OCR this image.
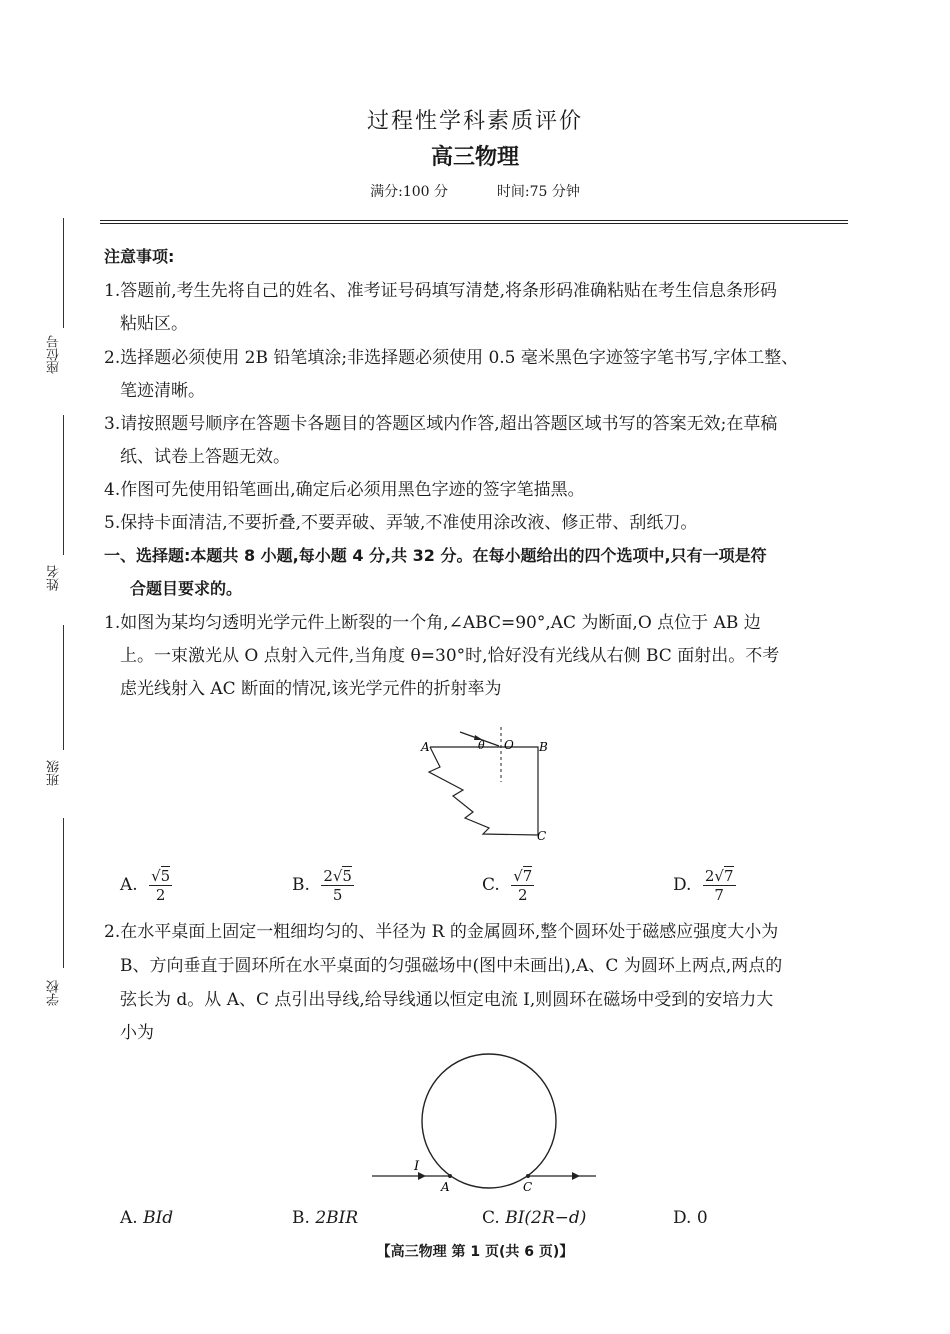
过程性学科素质评价
高三物理
满分:100 分	时间:75 分钟
座位号
姓名
班级
学校
注意事项:
1.答题前,考生先将自己的姓名、准考证号码填写清楚,将条形码准确粘贴在考生信息条形码
粘贴区。
2.选择题必须使用 2B 铅笔填涂;非选择题必须使用 0.5 毫米黑色字迹签字笔书写,字体工整、
笔迹清晰。
3.请按照题号顺序在答题卡各题目的答题区域内作答,超出答题区域书写的答案无效;在草稿
纸、试卷上答题无效。
4.作图可先使用铅笔画出,确定后必须用黑色字迹的签字笔描黑。
5.保持卡面清洁,不要折叠,不要弄破、弄皱,不准使用涂改液、修正带、刮纸刀。
一、选择题:本题共 8 小题,每小题 4 分,共 32 分。在每小题给出的四个选项中,只有一项是符
合题目要求的。
1.如图为某均匀透明光学元件上断裂的一个角,∠ABC=90°,AC 为断面,O 点位于 AB 边
上。一束激光从 O 点射入元件,当角度 θ=30°时,恰好没有光线从右侧 BC 面射出。不考
虑光线射入 AC 断面的情况,该光学元件的折射率为
A	θ O B
C
A. $\frac{√5}{2}$	B. $\frac{2√5}{5}$	C. $\frac{√7}{2}$	D. $\frac{2√7}{7}$
2.在水平桌面上固定一粗细均匀的、半径为 R 的金属圆环,整个圆环处于磁感应强度大小为
B、方向垂直于圆环所在水平桌面的匀强磁场中(图中未画出),A、C 为圆环上两点,两点的
弦长为 d。从 A、C 点引出导线,给导线通以恒定电流 I,则圆环在磁场中受到的安培力大
小为
I
A	C
A. BId	B. 2BIR	C. BI(2R−d)	D. 0
【高三物理 第 1 页(共 6 页)】
